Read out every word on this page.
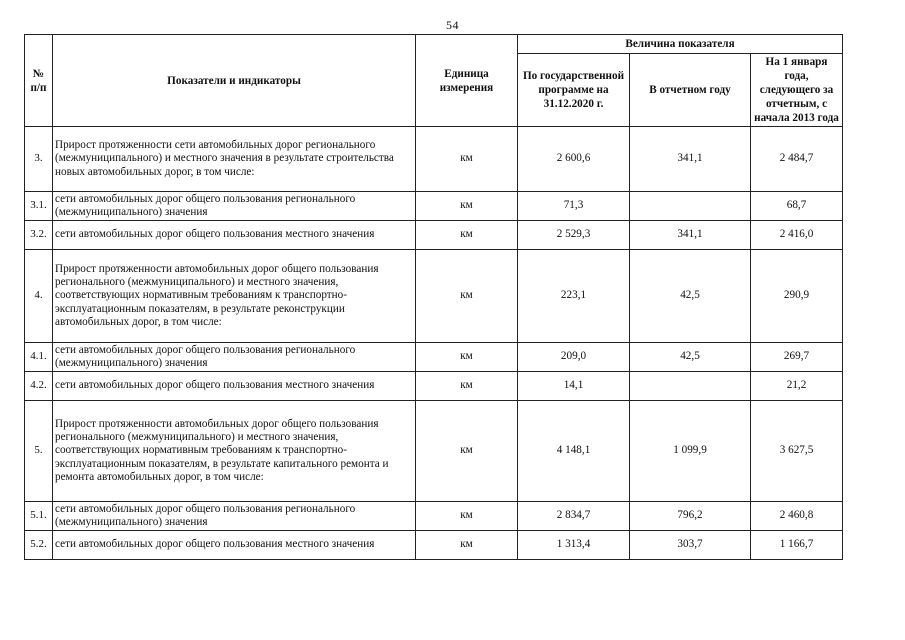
54
№ п/п	Показатели и индикаторы	Единица измерения	Величина показателя		
			По государственной программе на 31.12.2020 г.	В отчетном году	На 1 января года, следующего за отчетным, с начала 2013 года
3.	Прирост протяженности сети автомобильных дорог регионального (межмуниципального) и местного значения в результате строительства новых автомобильных дорог, в том числе:	км	2 600,6	341,1	2 484,7
3.1.	сети автомобильных дорог общего пользования регионального (межмуниципального) значения	км	71,3		68,7
3.2.	сети автомобильных дорог общего пользования местного значения	км	2 529,3	341,1	2 416,0
4.	Прирост протяженности автомобильных дорог общего пользования регионального (межмуниципального) и местного значения, соответствующих нормативным требованиям к транспортно-эксплуатационным показателям, в результате реконструкции автомобильных дорог, в том числе:	км	223,1	42,5	290,9
4.1.	сети автомобильных дорог общего пользования регионального (межмуниципального) значения	км	209,0	42,5	269,7
4.2.	сети автомобильных дорог общего пользования местного значения	км	14,1		21,2
5.	Прирост протяженности автомобильных дорог общего пользования регионального (межмуниципального) и местного значения, соответствующих нормативным требованиям к транспортно-эксплуатационным показателям, в результате капитального ремонта и ремонта автомобильных дорог, в том числе:	км	4 148,1	1 099,9	3 627,5
5.1.	сети автомобильных дорог общего пользования регионального (межмуниципального) значения	км	2 834,7	796,2	2 460,8
5.2.	сети автомобильных дорог общего пользования местного значения	км	1 313,4	303,7	1 166,7
